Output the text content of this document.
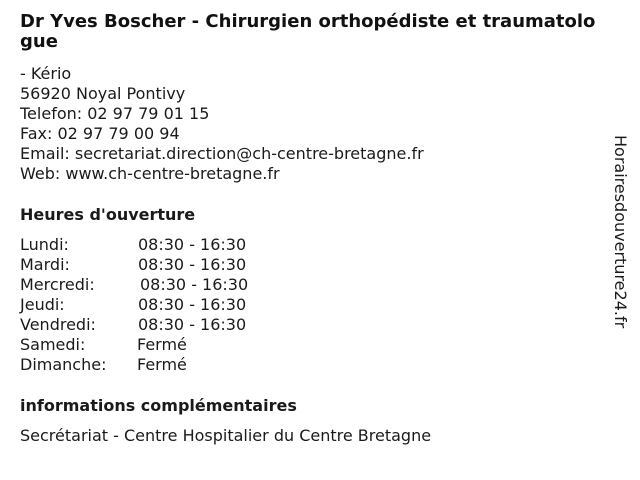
Dr Yves Boscher - Chirurgien orthopédiste et traumatologue
- Kério
56920 Noyal Pontivy
Telefon: 02 97 79 01 15
Fax: 02 97 79 00 94
Email: secretariat.direction@ch-centre-bretagne.fr
Web: www.ch-centre-bretagne.fr
Heures d'ouverture
Lundi:	08:30 - 16:30
Mardi:	08:30 - 16:30
Mercredi:	08:30 - 16:30
Jeudi:	08:30 - 16:30
Vendredi:	08:30 - 16:30
Samedi:	Fermé
Dimanche:	Fermé
informations complémentaires
Secrétariat - Centre Hospitalier du Centre Bretagne
Horairesdouverture24.fr
